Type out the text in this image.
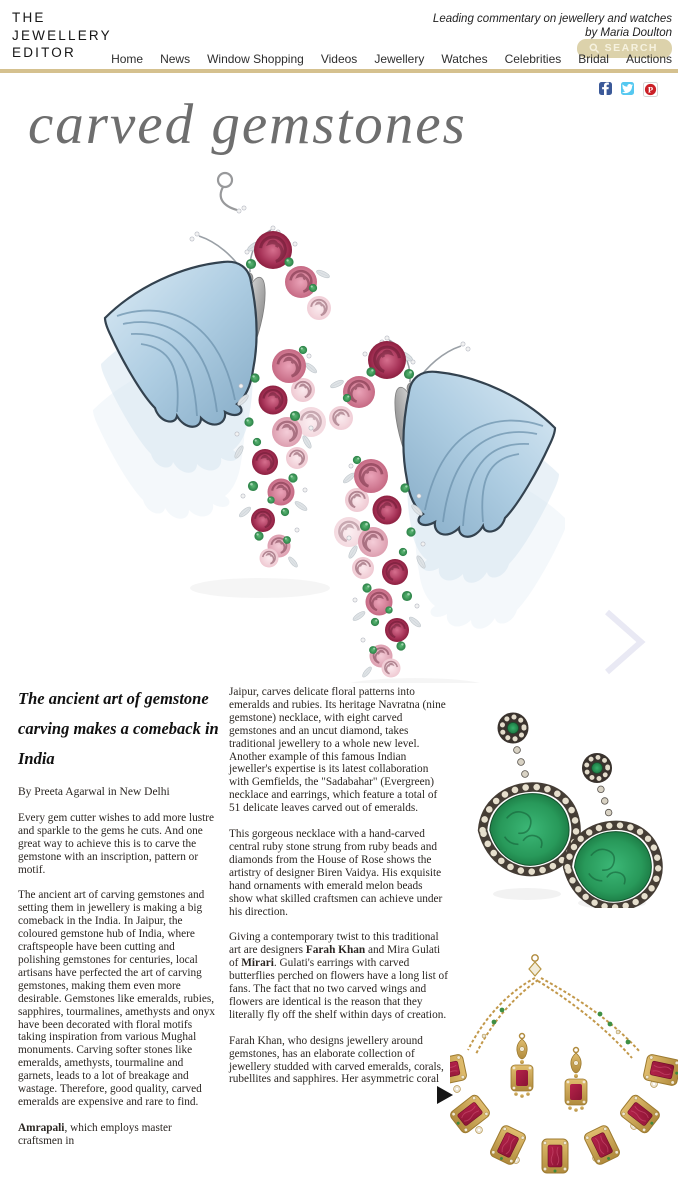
THE
JEWELLERY
EDITOR
Leading commentary on jewellery and watches
by Maria Doulton
SEARCH
Home News Window Shopping Videos Jewellery Watches Celebrities Bridal Auctions
P
carved gemstones
The ancient art of gemstone carving makes a comeback in India

By Preeta Agarwal in New Delhi

Every gem cutter wishes to add more lustre and sparkle to the gems he cuts. And one great way to achieve this is to carve the gemstone with an inscription, pattern or motif.

The ancient art of carving gemstones and setting them in jewellery is making a big comeback in the India. In Jaipur, the coloured gemstone hub of India, where craftspeople have been cutting and polishing gemstones for centuries, local artisans have perfected the art of carving gemstones, making them even more desirable. Gemstones like emeralds, rubies, sapphires, tourmalines, amethysts and onyx have been decorated with floral motifs taking inspiration from various Mughal monuments. Carving softer stones like emeralds, amethysts, tourmaline and garnets, leads to a lot of breakage and wastage. Therefore, good quality, carved emeralds are expensive and rare to find.

Amrapali, which employs master craftsmen in

Jaipur, carves delicate floral patterns into emeralds and rubies. Its heritage Navratna (nine gemstone) necklace, with eight carved gemstones and an uncut diamond, takes traditional jewellery to a whole new level. Another example of this famous Indian jeweller's expertise is its latest collaboration with Gemfields, the "Sadabahar" (Evergreen) necklace and earrings, which feature a total of 51 delicate leaves carved out of emeralds.

This gorgeous necklace with a hand-carved central ruby stone strung from ruby beads and diamonds from the House of Rose shows the artistry of designer Biren Vaidya. His exquisite hand ornaments with emerald melon beads show what skilled craftsmen can achieve under his direction.

Giving a contemporary twist to this traditional art are designers Farah Khan and Mira Gulati of Mirari. Gulati's earrings with carved butterflies perched on flowers have a long list of fans. The fact that no two carved wings and flowers are identical is the reason that they literally fly off the shelf within days of creation.

Farah Khan, who designs jewellery around gemstones, has an elaborate collection of jewellery studded with carved emeralds, corals, rubellites and sapphires. Her asymmetric coral
